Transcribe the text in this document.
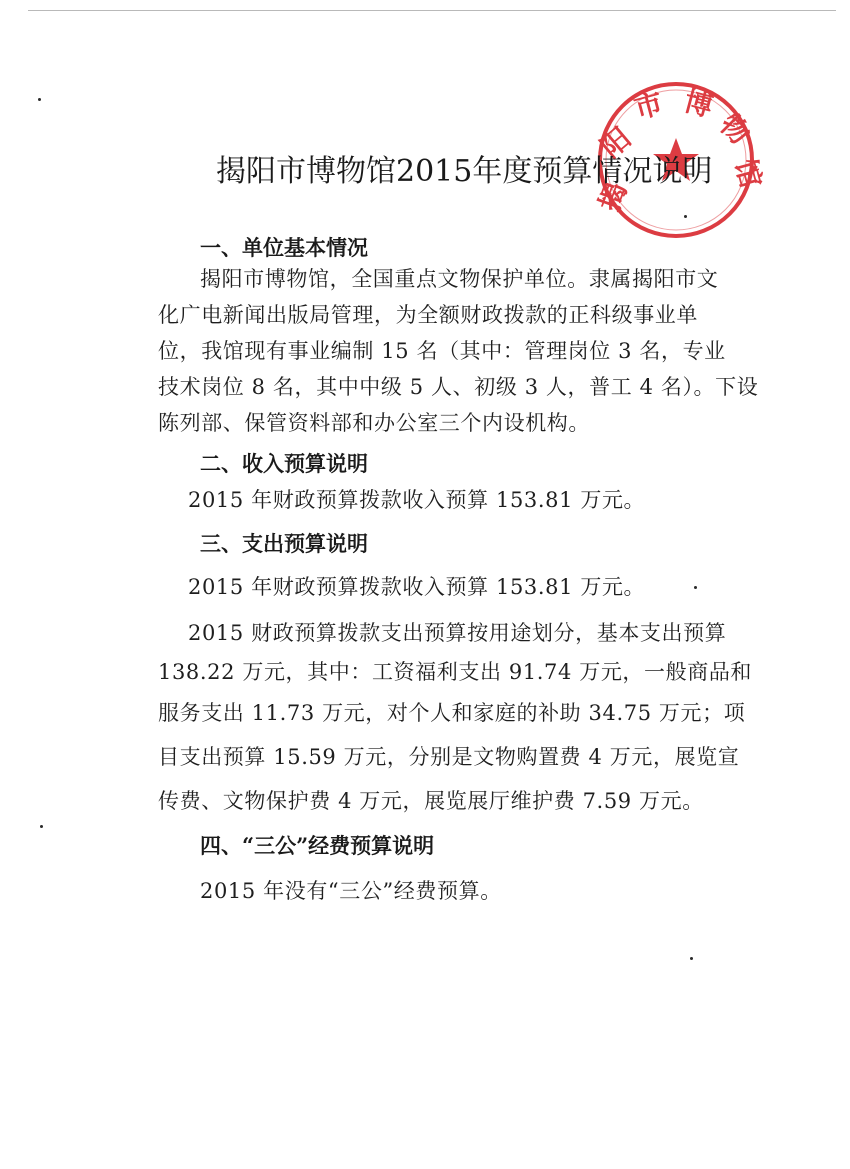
揭
阳
市 博
物
馆
揭阳市博物馆2015年度预算情况说明
一、单位基本情况
揭阳市博物馆，全国重点文物保护单位。隶属揭阳市文
化广电新闻出版局管理，为全额财政拨款的正科级事业单
位，我馆现有事业编制 15 名（其中：管理岗位 3 名，专业
技术岗位 8 名，其中中级 5 人、初级 3 人，普工 4 名）。下设
陈列部、保管资料部和办公室三个内设机构。
二、收入预算说明
2015 年财政预算拨款收入预算 153.81 万元。
三、支出预算说明
2015 年财政预算拨款收入预算 153.81 万元。
2015 财政预算拨款支出预算按用途划分，基本支出预算
138.22 万元，其中：工资福利支出 91.74 万元，一般商品和
服务支出 11.73 万元，对个人和家庭的补助 34.75 万元；项
目支出预算 15.59 万元，分别是文物购置费 4 万元，展览宣
传费、文物保护费 4 万元，展览展厅维护费 7.59 万元。
四、“三公”经费预算说明
2015 年没有“三公”经费预算。
